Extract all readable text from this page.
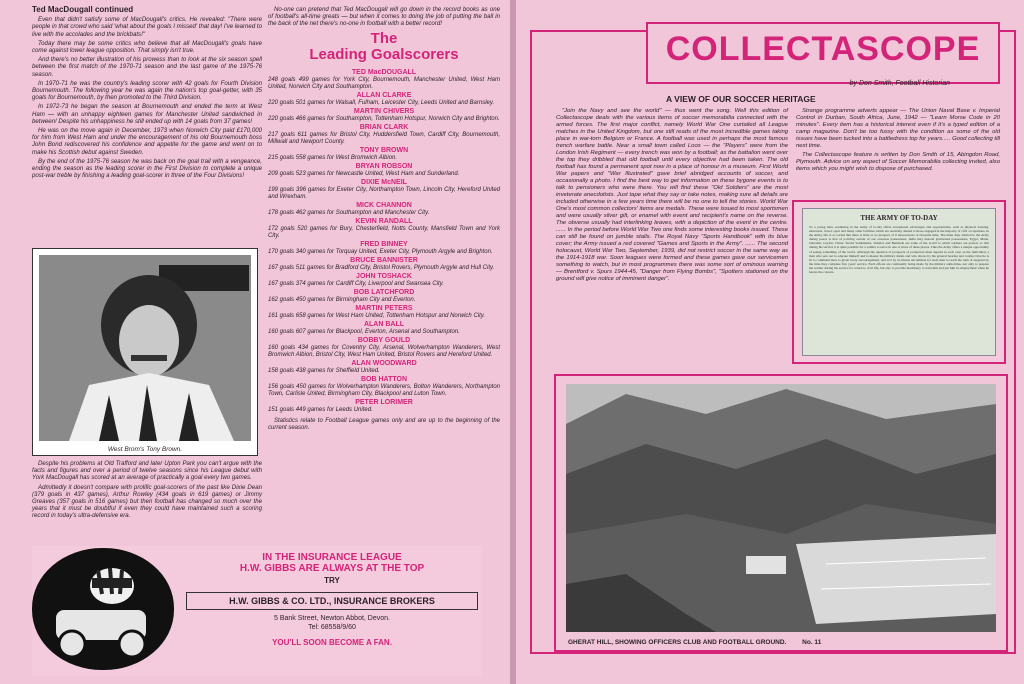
Ted MacDougall continued

Even that didn't satisfy some of MacDougall's critics. He revealed: "There were people in that crowd who said 'what about the goals I missed' that day! I've learned to live with the accolades and the brickbats!"

Today there may be some critics who believe that all MacDougall's goals have come against lower league opposition. That simply isn't true.

And there's no better illustration of his prowess than to look at the six season spell between the first match of the 1970-71 season and the last game of the 1975-76 season.

In 1970-71 he was the country's leading scorer with 42 goals for Fourth Division Bournemouth. The following year he was again the nation's top goal-getter, with 35 goals for Bournemouth, by then promoted to the Third Division.

In 1972-73 he began the season at Bournemouth and ended the term at West Ham — with an unhappy eighteen games for Manchester United sandwiched in between! Despite his unhappiness he still ended up with 14 goals from 37 games!

He was on the move again in December, 1973 when Norwich City paid £170,000 for him from West Ham and under the encouragement of his old Bournemouth boss John Bond rediscovered his confidence and appetite for the game and went on to make his Scottish debut against Sweden.

By the end of the 1975-76 season he was back on the goal trail with a vengeance, ending the season as the leading scorer in the First Division to complete a unique post-war treble by finishing a leading goal-scorer in three of the Four Divisions!

West Brom's Tony Brown.

Despite his problems at Old Trafford and later Upton Park you can't argue with the facts and figures and over a period of twelve seasons since his League debut with York MacDougall has scored at an average of practically a goal every two games.

Admittedly it doesn't compare with prolific goal-scorers of the past like Dixie Dean (379 goals in 437 games), Arthur Rowley (434 goals in 619 games) or Jimmy Greaves (357 goals in 516 games) but then football has changed so much over the years that it must be doubtful if even they could have maintained such a scoring record in today's ultra-defensive era.

No-one can pretend that Ted MacDougall will go down in the record books as one of football's all-time greats — but when it comes to doing the job of putting the ball in the back of the net there's no-one in football with a better record!

The
Leading Goalscorers
TED MacDOUGALL
248 goals 499 games for York City, Bournemouth, Manchester United, West Ham United, Norwich City and Southampton.
ALLAN CLARKE
220 goals 501 games for Walsall, Fulham, Leicester City, Leeds United and Barnsley.
MARTIN CHIVERS
220 goals 466 games for Southampton, Tottenham Hotspur, Norwich City and Brighton.
BRIAN CLARK
217 goals 611 games for Bristol City, Huddersfield Town, Cardiff City, Bournemouth, Millwall and Newport County.
TONY BROWN
215 goals 558 games for West Bromwich Albion.
BRYAN ROBSON
209 goals 523 games for Newcastle United, West Ham and Sunderland.
DIXIE McNEIL
199 goals 396 games for Exeter City, Northampton Town, Lincoln City, Hereford United and Wrexham.
MICK CHANNON
178 goals 462 games for Southampton and Manchester City.
KEVIN RANDALL
172 goals 520 games for Bury, Chesterfield, Notts County, Mansfield Town and York City.
FRED BINNEY
170 goals 340 games for Torquay United, Exeter City, Plymouth Argyle and Brighton.
BRUCE BANNISTER
167 goals 511 games for Bradford City, Bristol Rovers, Plymouth Argyle and Hull City.
JOHN TOSHACK
167 goals 374 games for Cardiff City, Liverpool and Swansea City.
BOB LATCHFORD
162 goals 450 games for Birmingham City and Everton.
MARTIN PETERS
161 goals 658 games for West Ham United, Tottenham Hotspur and Norwich City.
ALAN BALL
160 goals 607 games for Blackpool, Everton, Arsenal and Southampton.
BOBBY GOULD
160 goals 434 games for Coventry City, Arsenal, Wolverhampton Wanderers, West Bromwich Albion, Bristol City, West Ham United, Bristol Rovers and Hereford United.
ALAN WOODWARD
158 goals 438 games for Sheffield United.
BOB HATTON
156 goals 450 games for Wolverhampton Wanderers, Bolton Wanderers, Northampton Town, Carlisle United, Birmingham City, Blackpool and Luton Town.
PETER LORIMER
151 goals 449 games for Leeds United.

Statistics relate to Football League games only and are up to the beginning of the current season.

IN THE INSURANCE LEAGUE
H.W. GIBBS ARE ALWAYS AT THE TOP
TRY
H.W. GIBBS & CO. LTD., INSURANCE BROKERS
5 Bank Street, Newton Abbot, Devon.
Tel: 68558/9/60
YOU'LL SOON BECOME A FAN.
COLLECTASCOPE
by Don Smith, Football Historian
A VIEW OF OUR SOCCER HERITAGE

"Join the Navy and see the world" — thus went the song. Well this edition of Collectascope deals with the various items of soccer memorabilia connected with the armed forces. The first major conflict, namely World War One curtailed all League matches in the United Kingdom, but one still reads of the most incredible games taking place in war-torn Belgium or France. A football was used in perhaps the most famous trench warfare battle. Near a small town called Loos — the "Players" were from the London Irish Regiment — every trench was won by a football; as the battalion went over the top they dribbled that old football until every objective had been taken. The old football has found a permanent spot now in a place of honour in a museum. First World War papers and "War Illustrated" gave brief abridged accounts of soccer, and occasionally a photo. I find the best way to get information on these bygone events is to talk to pensioners who were there. You will find these "Old Soldiers" are the most inveterate anecdotists. Just tape what they say or take notes, making sure all details are included otherwise in a few years time there will be no one to tell the stories. World War One's most common collectors' items are medals. These were issued to most sportsmen and were usually silver gilt, or enamel with event and recipient's name on the reverse. The obverse usually had interlinking leaves, with a depiction of the event in the centre. ...... In the period before World War Two one finds some interesting books issued. These can still be found on jumble stalls. The Royal Navy "Sports Handbook" with its blue cover; the Army issued a red covered "Games and Sports in the Army". ...... The second holocaust, World War Two, September, 1939, did not restrict soccer in the same way as the 1914-1918 war. Soon leagues were formed and these games gave our servicemen something to watch, but in most programmes there was some sort of ominous warning — Brentford v. Spurs 1944-45, "Danger from Flying Bombs", "Spotters stationed on the ground will give notice of imminent danger".

Strange programme adverts appear — The Union Naval Base v. Imperial Control in Durban, South Africa, June, 1942 — "Learn Morse Code in 20 minutes". Every item has a historical interest even if it's a typed edition of a camp magazine. Don't be too fussy with the condition as some of the old issues have been tucked into a battledress top for years..... Good collecting till next time.

The Collectascope feature is written by Don Smith of 15, Abingdon Road, Plymouth. Advice on any aspect of Soccer Memorabilia collecting invited, also items which you might wish to dispose of purchased.

THE ARMY OF TO-DAY
To a young man, soldiering in the Army of to-day offers exceptional advantages and opportunities, such as physical training, education, travel, sport and many other facilities which are normally denied to those engaged in the majority of civil occupations. In the Army, life is so varied that there is little or no prospect of it monotonous or tiresome time. The main duty allotted to the Army during peace is that of policing certain of our overseas possessions. India may instead garrisoned possessions, Egypt, Malta, Gibraltar, Ceylon, China. Straits Settlements, Jamaica and Bermuda are some of the world to which soldiers are posted, so that during his service it is quite possible for a soldier to serve in one or more of these places. Thus the Army offers a unique opportunity of seeing something of the world. Although the question of prospects of promotion must depend in each case on the individual, a man who sets out to educate himself and to master his military duties and who shows by his general bearing and conduct that he is fit to command men, is given every encouragement, and it is by no means uncommon for such men to reach the rank of sergeant by the time they complete five years' service. Each efforts are continually being made by the military authorities, not only to prepare the soldier during his service for return to civil life, but also to provide machinery to train him and put him in employment when he leaves the colours.
GHERAT HILL, SHOWING OFFICERS CLUB AND FOOTBALL GROUND. No. 11
